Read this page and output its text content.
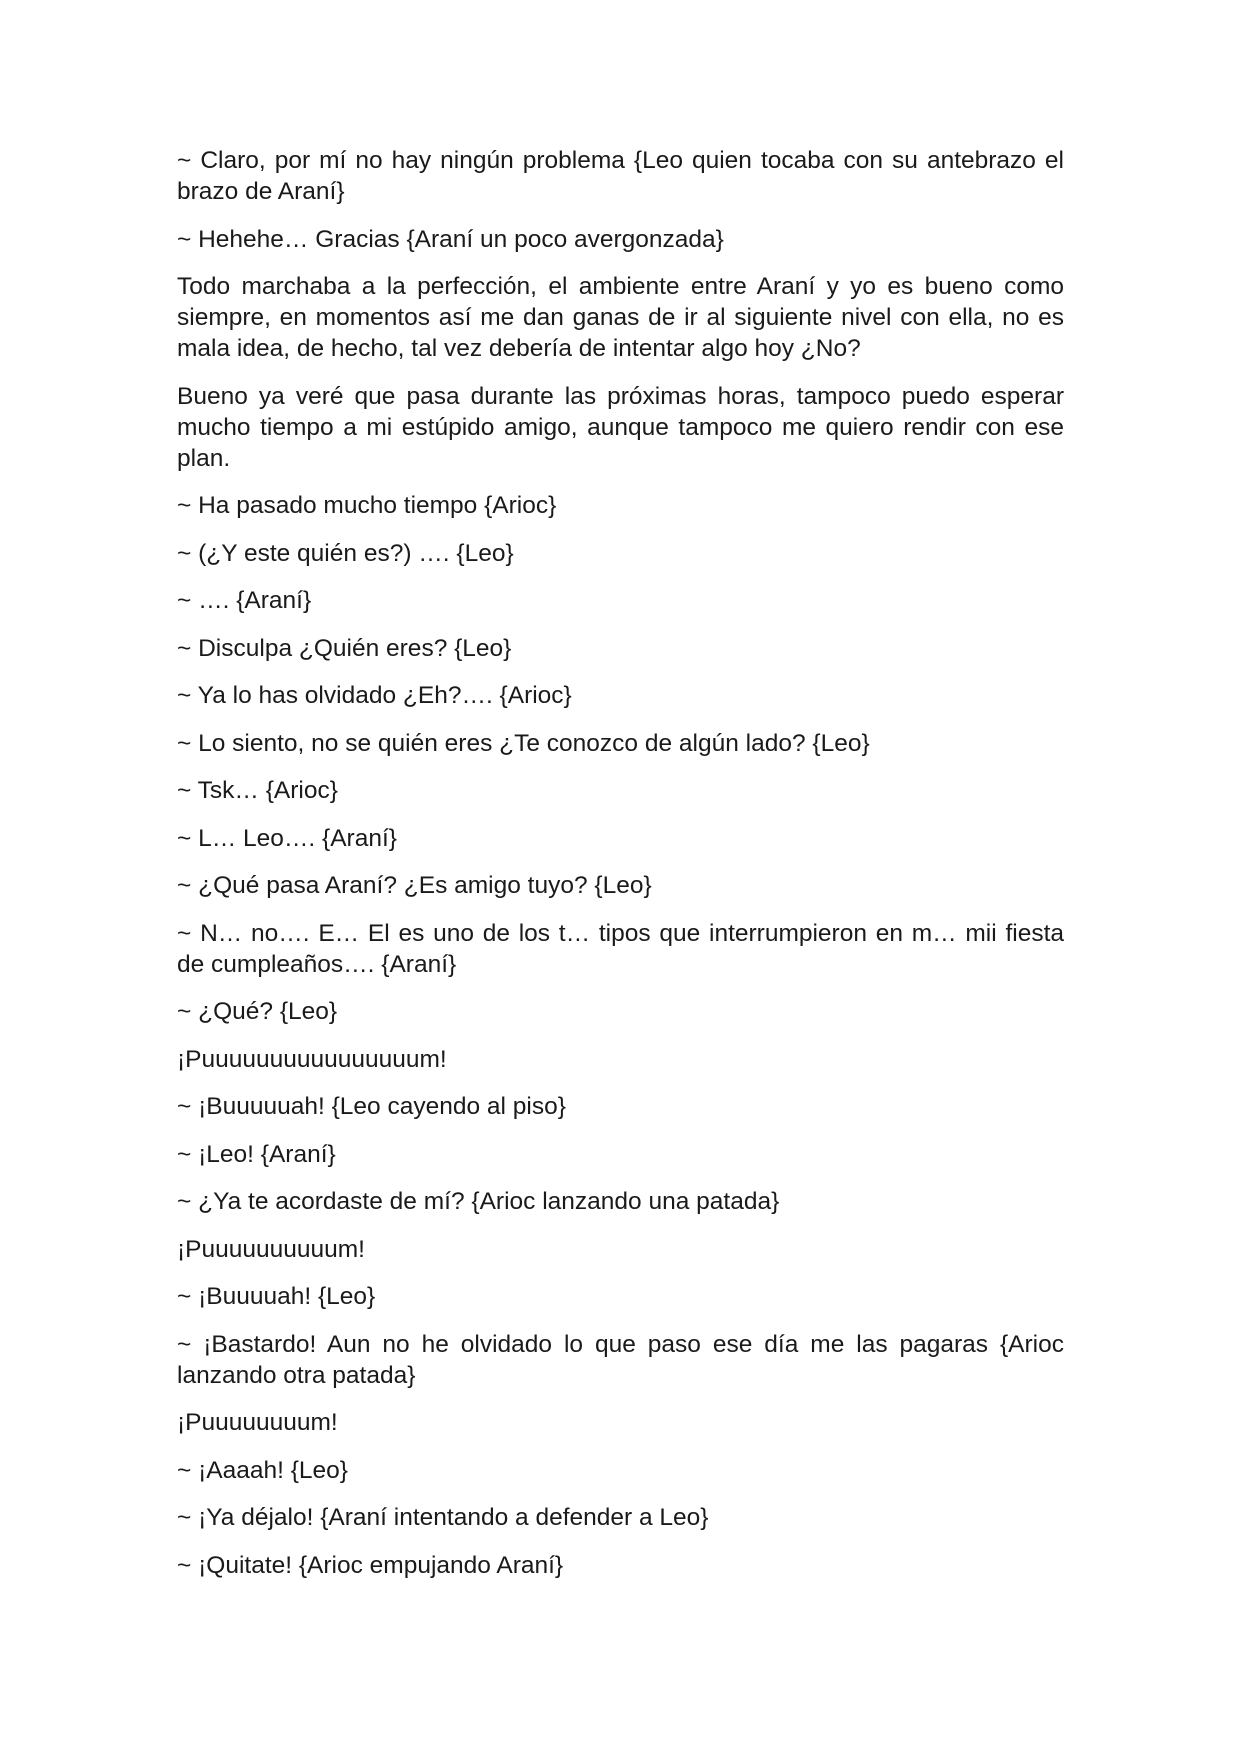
~ Claro, por mí no hay ningún problema {Leo quien tocaba con su antebrazo el brazo de Araní}

~ Hehehe… Gracias {Araní un poco avergonzada}

Todo marchaba a la perfección, el ambiente entre Araní y yo es bueno como siempre, en momentos así me dan ganas de ir al siguiente nivel con ella, no es mala idea, de hecho, tal vez debería de intentar algo hoy ¿No?

Bueno ya veré que pasa durante las próximas horas, tampoco puedo esperar mucho tiempo a mi estúpido amigo, aunque tampoco me quiero rendir con ese plan.

~ Ha pasado mucho tiempo {Arioc}

~ (¿Y este quién es?) …. {Leo}

~ …. {Araní}

~ Disculpa ¿Quién eres? {Leo}

~ Ya lo has olvidado ¿Eh?…. {Arioc}

~ Lo siento, no se quién eres ¿Te conozco de algún lado? {Leo}

~ Tsk… {Arioc}

~ L… Leo…. {Araní}

~ ¿Qué pasa Araní? ¿Es amigo tuyo? {Leo}

~ N… no…. E… El es uno de los t… tipos que interrumpieron en m… mii fiesta de cumpleaños…. {Araní}

~ ¿Qué? {Leo}

¡Puuuuuuuuuuuuuuuum!

~ ¡Buuuuuah! {Leo cayendo al piso}

~ ¡Leo! {Araní}

~ ¿Ya te acordaste de mí? {Arioc lanzando una patada}

¡Puuuuuuuuuum!

~ ¡Buuuuah! {Leo}

~ ¡Bastardo! Aun no he olvidado lo que paso ese día me las pagaras {Arioc lanzando otra patada}

¡Puuuuuuuum!

~ ¡Aaaah! {Leo}

~ ¡Ya déjalo! {Araní intentando a defender a Leo}

~ ¡Quitate! {Arioc empujando Araní}
